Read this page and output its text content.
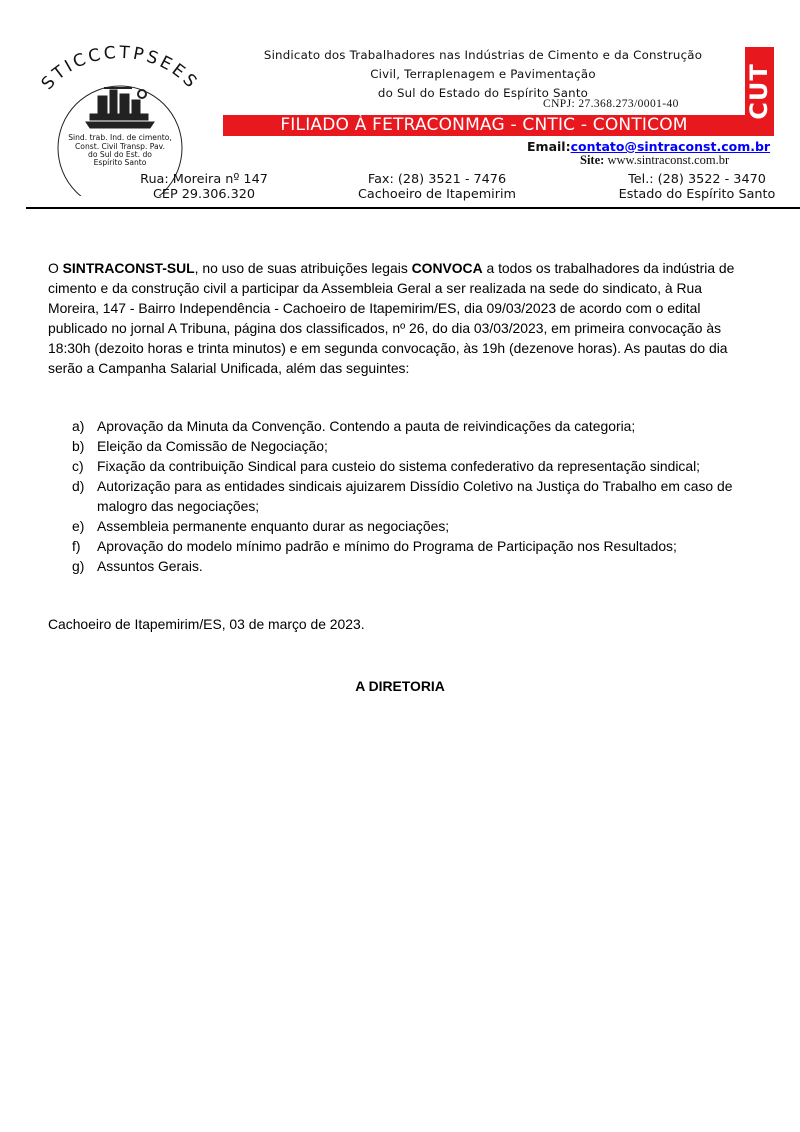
STICCCTPSEES
Sind. trab. Ind. de cimento,
Const. Civil Transp. Pav.
do Sul do Est. do
Espírito Santo
Sindicato dos Trabalhadores nas Indústrias de Cimento e da Construção
Civil, Terraplenagem e Pavimentação
do Sul do Estado do Espírito Santo
CNPJ: 27.368.273/0001-40
FILIADO À FETRACONMAG - CNTIC - CONTICOM
CUT
Email:contato@sintraconst.com.br
Site: www.sintraconst.com.br
Rua: Moreira nº 147
CEP 29.306.320
Fax: (28) 3521 - 7476
Cachoeiro de Itapemirim
Tel.: (28) 3522 - 3470
Estado do Espírito Santo

O SINTRACONST-SUL, no uso de suas atribuições legais CONVOCA a todos os trabalhadores da indústria de cimento e da construção civil a participar da Assembleia Geral a ser realizada na sede do sindicato, à Rua Moreira, 147 - Bairro Independência - Cachoeiro de Itapemirim/ES, dia 09/03/2023 de acordo com o edital publicado no jornal A Tribuna, página dos classificados, nº 26, do dia 03/03/2023, em primeira convocação às 18:30h (dezoito horas e trinta minutos) e em segunda convocação, às 19h (dezenove horas). As pautas do dia serão a Campanha Salarial Unificada, além das seguintes:

a) Aprovação da Minuta da Convenção. Contendo a pauta de reivindicações da categoria;
b) Eleição da Comissão de Negociação;
c) Fixação da contribuição Sindical para custeio do sistema confederativo da representação sindical;
d) Autorização para as entidades sindicais ajuizarem Dissídio Coletivo na Justiça do Trabalho em caso de malogro das negociações;
e) Assembleia permanente enquanto durar as negociações;
f) Aprovação do modelo mínimo padrão e mínimo do Programa de Participação nos Resultados;
g) Assuntos Gerais.
Cachoeiro de Itapemirim/ES, 03 de março de 2023.
A DIRETORIA
